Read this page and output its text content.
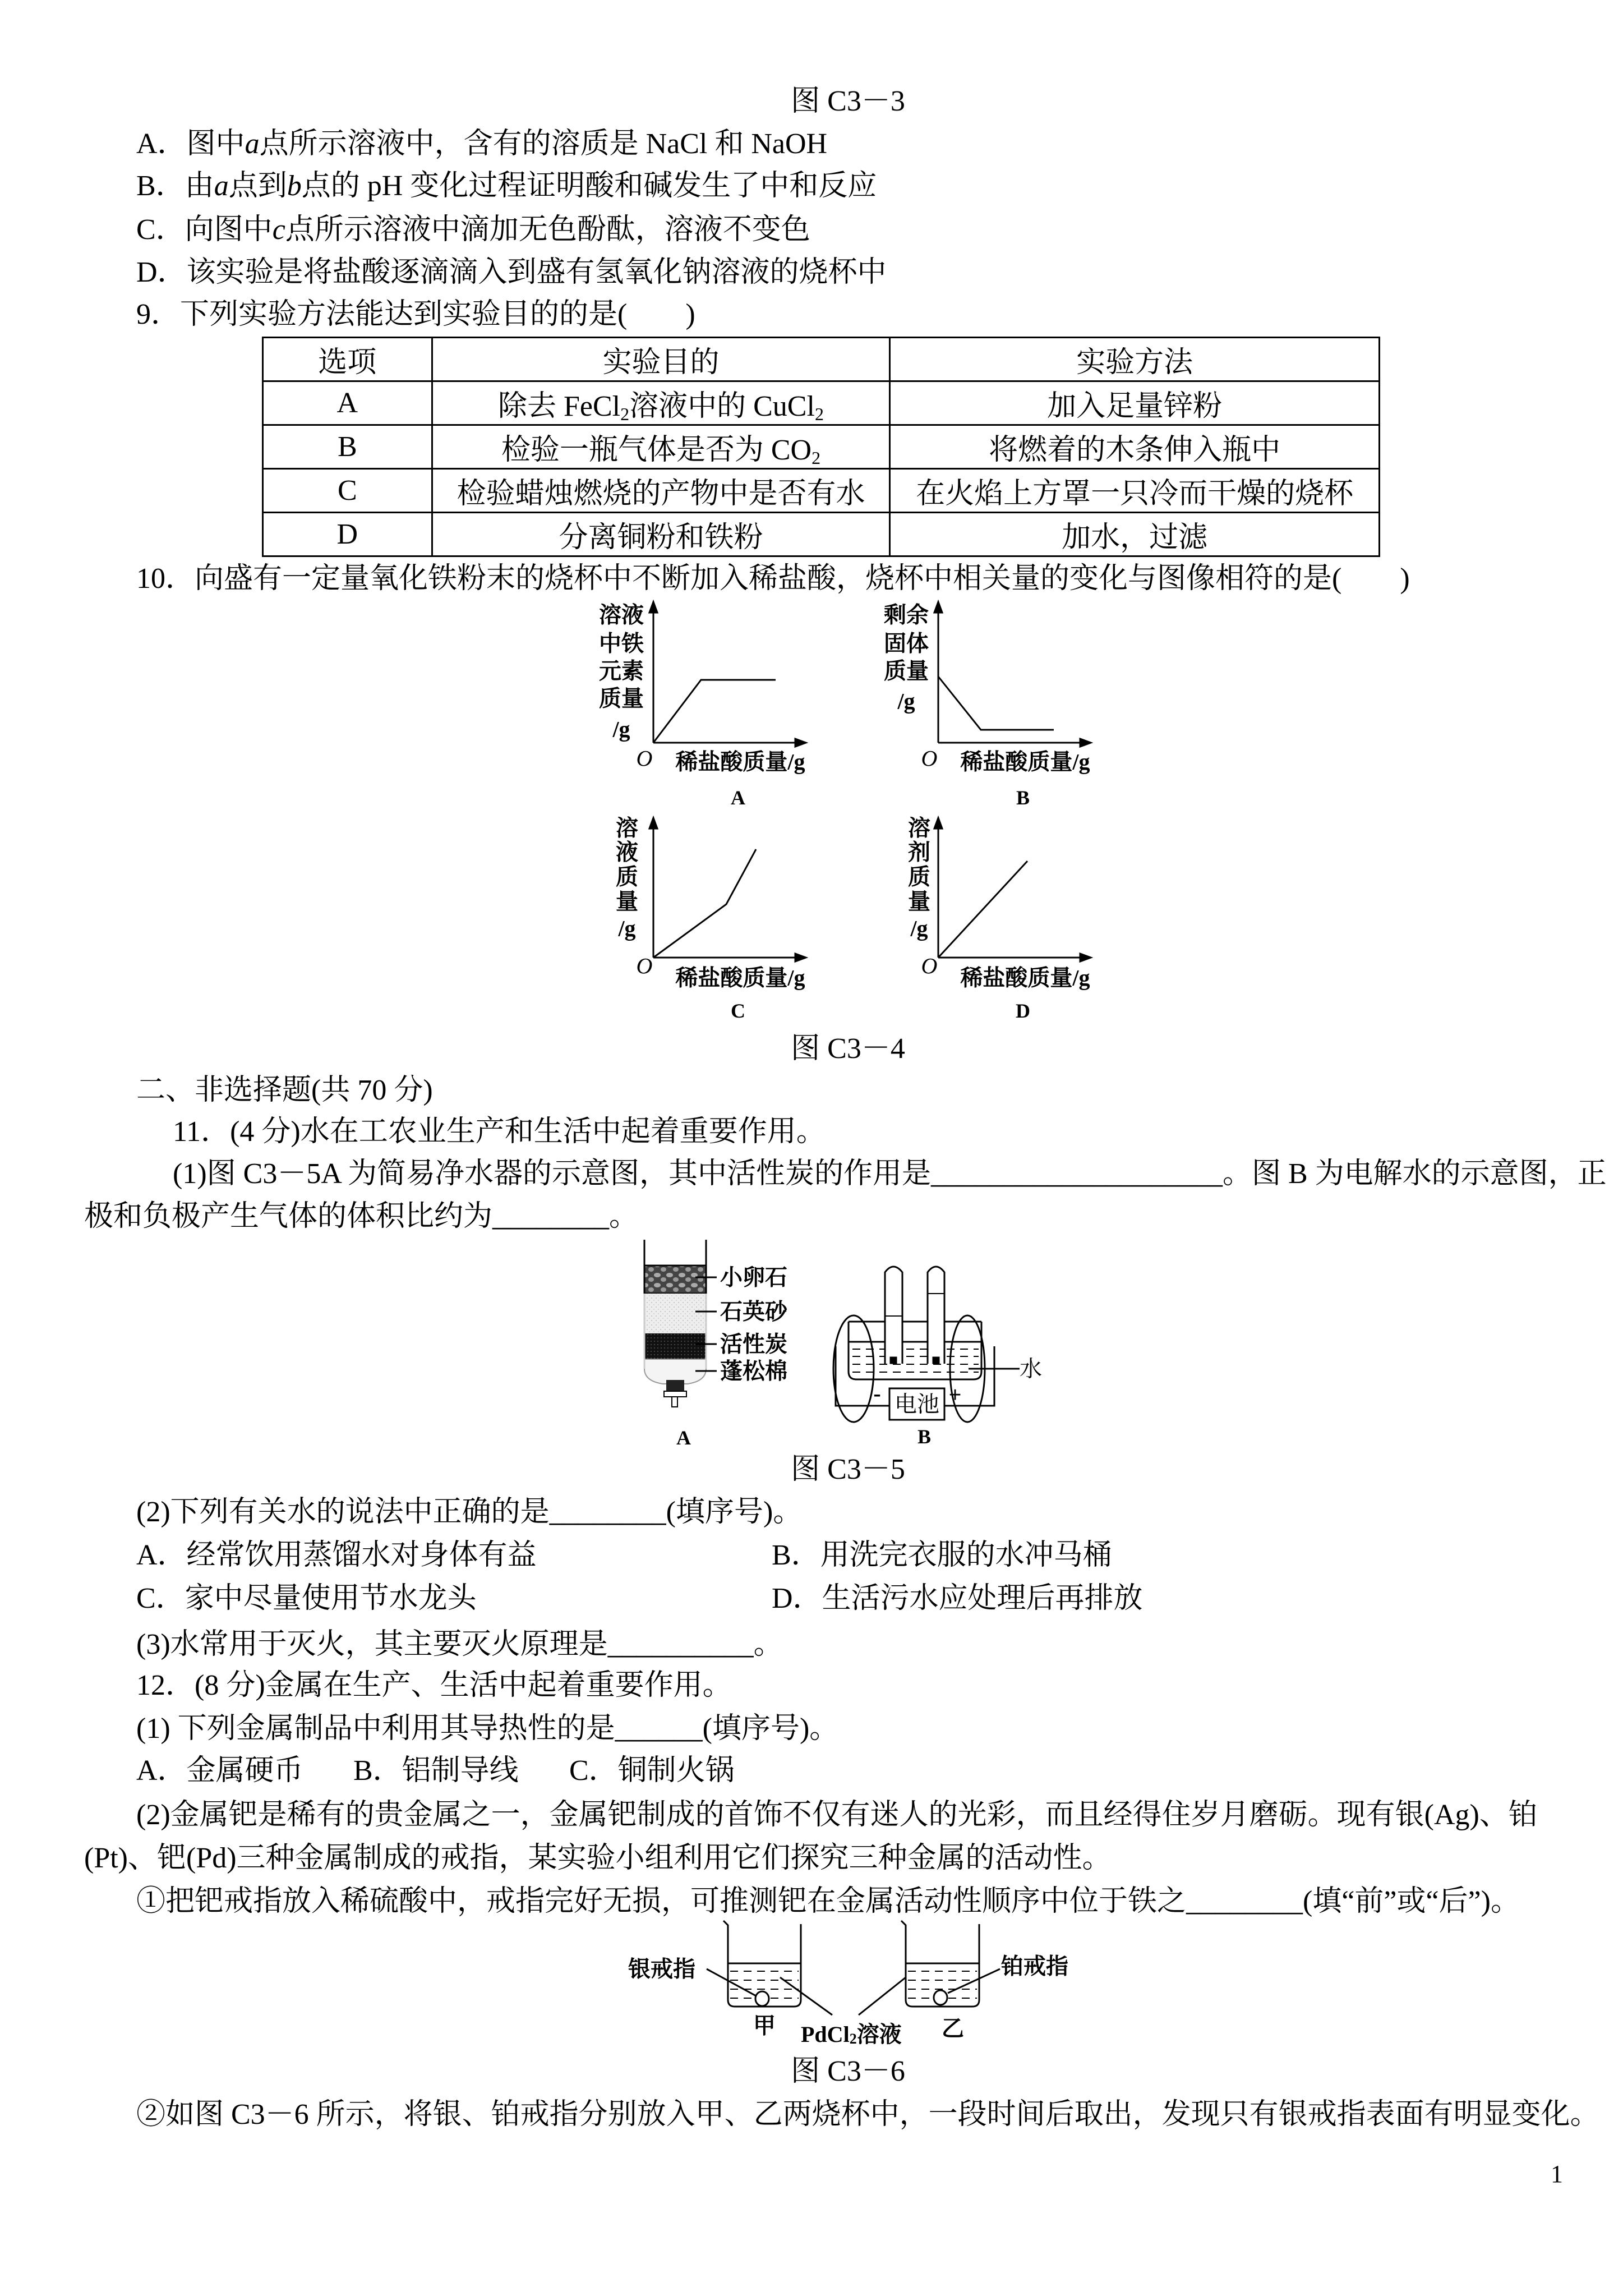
图 C3－3
A．图中a点所示溶液中，含有的溶质是 NaCl 和 NaOH
B．由a点到b点的 pH 变化过程证明酸和碱发生了中和反应
C．向图中c点所示溶液中滴加无色酚酞，溶液不变色
D．该实验是将盐酸逐滴滴入到盛有氢氧化钠溶液的烧杯中
9．下列实验方法能达到实验目的的是(　　)
选项	实验目的	实验方法
A	除去 FeCl$_2$溶液中的 CuCl$_2$	加入足量锌粉
B	检验一瓶气体是否为 $CO_2$	将燃着的木条伸入瓶中
C	检验蜡烛燃烧的产物中是否有水	在火焰上方罩一只冷而干燥的烧杯
D	分离铜粉和铁粉	加水，过滤
10．向盛有一定量氧化铁粉末的烧杯中不断加入稀盐酸，烧杯中相关量的变化与图像相符的是(　　)
溶液
中铁
元素
质量
/g
O 稀盐酸质量/g
A
剩余
固体
质量
/g
O 稀盐酸质量/g
B
溶
液
质
量
/g
O 稀盐酸质量/g
C
溶
剂
质
量
/g
O 稀盐酸质量/g
D
小卵石
石英砂
活性炭
蓬松棉
A
电池
-	+
水
B
银戒指	铂戒指
甲	乙
PdCl$_2$溶液
图 C3－4
二、非选择题(共 70 分)
11．(4 分)水在工农业生产和生活中起着重要作用。
(1)图 C3－5A 为简易净水器的示意图，其中活性炭的作用是____________________。图 B 为电解水的示意图，正
极和负极产生气体的体积比约为________。
图 C3－5
(2)下列有关水的说法中正确的是________(填序号)。
A．经常饮用蒸馏水对身体有益	B．用洗完衣服的水冲马桶
C．家中尽量使用节水龙头	D．生活污水应处理后再排放
(3)水常用于灭火，其主要灭火原理是__________。
12．(8 分)金属在生产、生活中起着重要作用。
(1) 下列金属制品中利用其导热性的是______(填序号)。
A．金属硬币 B．铝制导线 C．铜制火锅
(2)金属钯是稀有的贵金属之一，金属钯制成的首饰不仅有迷人的光彩，而且经得住岁月磨砺。现有银(Ag)、铂
(Pt)、钯(Pd)三种金属制成的戒指，某实验小组利用它们探究三种金属的活动性。
①把钯戒指放入稀硫酸中，戒指完好无损，可推测钯在金属活动性顺序中位于铁之________(填“前”或“后”)。
图 C3－6
②如图 C3－6 所示，将银、铂戒指分别放入甲、乙两烧杯中，一段时间后取出，发现只有银戒指表面有明显变化。
1
